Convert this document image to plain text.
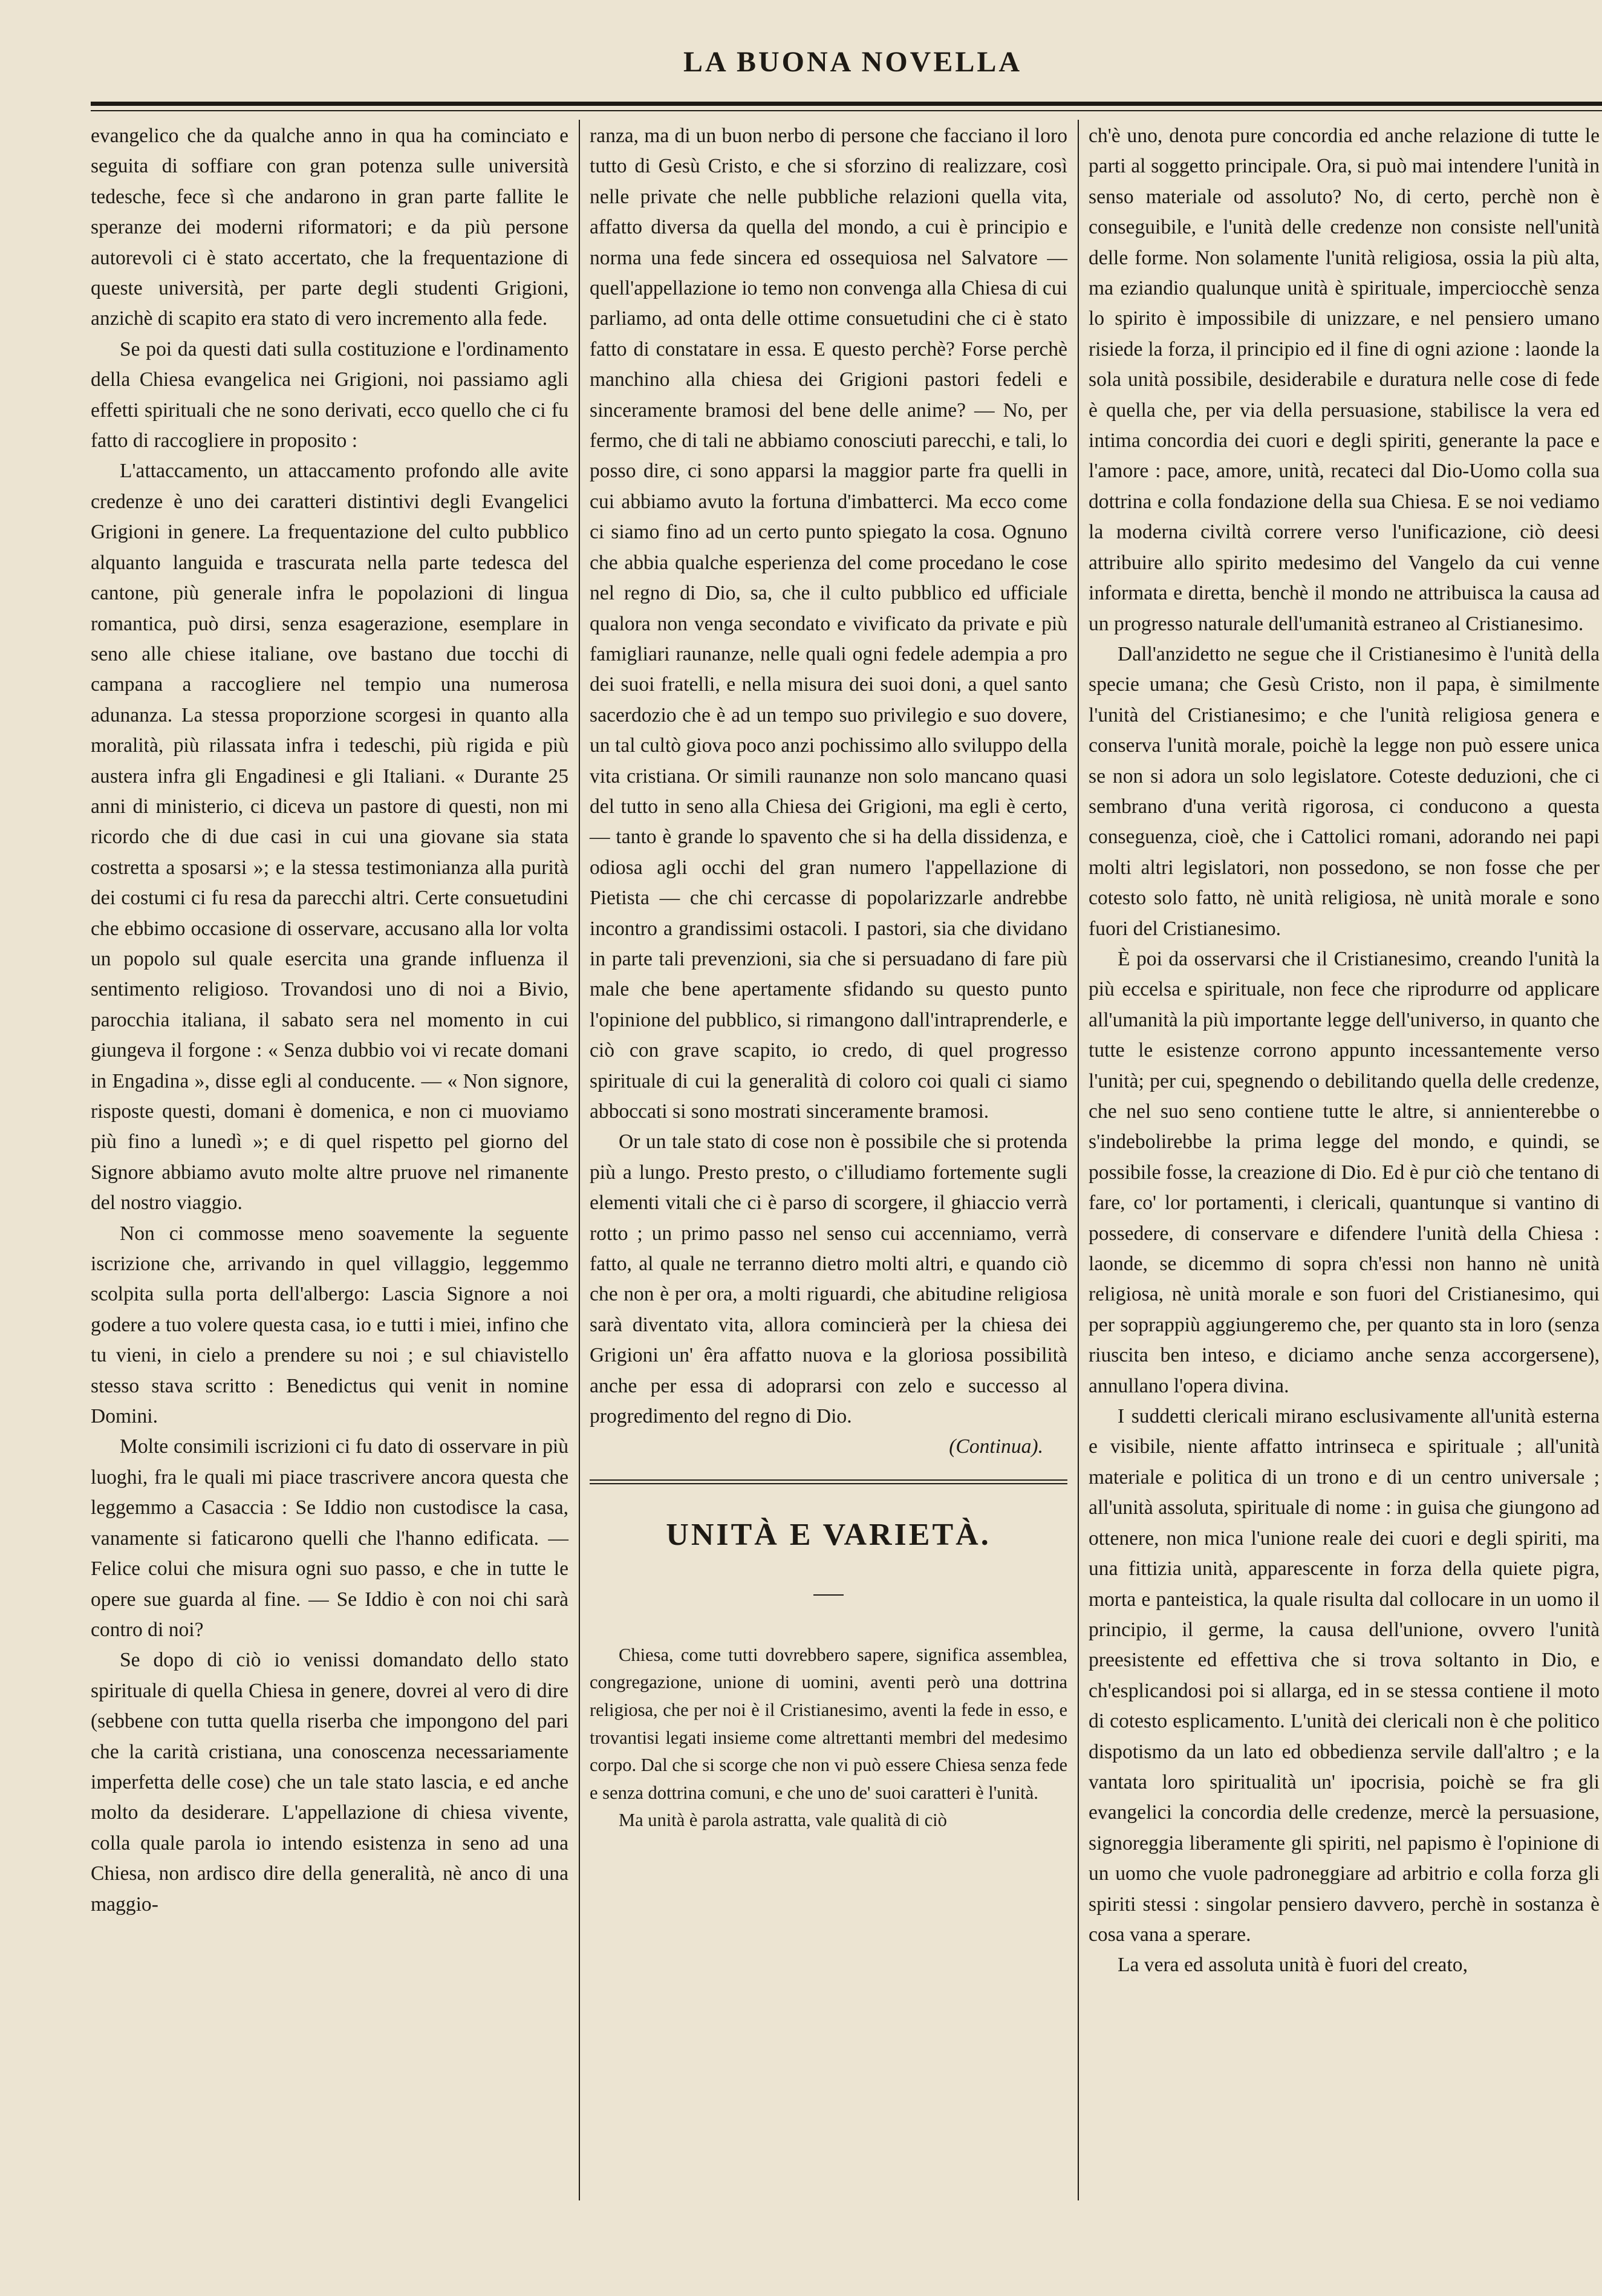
LA BUONA NOVELLA

evangelico che da qualche anno in qua ha cominciato e seguita di soffiare con gran potenza sulle università tedesche, fece sì che andarono in gran parte fallite le speranze dei moderni riformatori; e da più persone autorevoli ci è stato accertato, che la frequentazione di queste università, per parte degli studenti Grigioni, anzichè di scapito era stato di vero incremento alla fede.

Se poi da questi dati sulla costituzione e l'ordinamento della Chiesa evangelica nei Grigioni, noi passiamo agli effetti spirituali che ne sono derivati, ecco quello che ci fu fatto di raccogliere in proposito :

L'attaccamento, un attaccamento profondo alle avite credenze è uno dei caratteri distintivi degli Evangelici Grigioni in genere. La frequentazione del culto pubblico alquanto languida e trascurata nella parte tedesca del cantone, più generale infra le popolazioni di lingua romantica, può dirsi, senza esagerazione, esemplare in seno alle chiese italiane, ove bastano due tocchi di campana a raccogliere nel tempio una numerosa adunanza. La stessa proporzione scorgesi in quanto alla moralità, più rilassata infra i tedeschi, più rigida e più austera infra gli Engadinesi e gli Italiani. « Durante 25 anni di ministerio, ci diceva un pastore di questi, non mi ricordo che di due casi in cui una giovane sia stata costretta a sposarsi »; e la stessa testimonianza alla purità dei costumi ci fu resa da parecchi altri. Certe consuetudini che ebbimo occasione di osservare, accusano alla lor volta un popolo sul quale esercita una grande influenza il sentimento religioso. Trovandosi uno di noi a Bivio, parocchia italiana, il sabato sera nel momento in cui giungeva il forgone : « Senza dubbio voi vi recate domani in Engadina », disse egli al conducente. — « Non signore, risposte questi, domani è domenica, e non ci muoviamo più fino a lunedì »; e di quel rispetto pel giorno del Signore abbiamo avuto molte altre pruove nel rimanente del nostro viaggio.

Non ci commosse meno soavemente la seguente iscrizione che, arrivando in quel villaggio, leggemmo scolpita sulla porta dell'albergo: Lascia Signore a noi godere a tuo volere questa casa, io e tutti i miei, infino che tu vieni, in cielo a prendere su noi ; e sul chiavistello stesso stava scritto : Benedictus qui venit in nomine Domini.

Molte consimili iscrizioni ci fu dato di osservare in più luoghi, fra le quali mi piace trascrivere ancora questa che leggemmo a Casaccia : Se Iddio non custodisce la casa, vanamente si faticarono quelli che l'hanno edificata. — Felice colui che misura ogni suo passo, e che in tutte le opere sue guarda al fine. — Se Iddio è con noi chi sarà contro di noi?

Se dopo di ciò io venissi domandato dello stato spirituale di quella Chiesa in genere, dovrei al vero di dire (sebbene con tutta quella riserba che impongono del pari che la carità cristiana, una conoscenza necessariamente imperfetta delle cose) che un tale stato lascia, e ed anche molto da desiderare. L'appellazione di chiesa vivente, colla quale parola io intendo esistenza in seno ad una Chiesa, non ardisco dire della generalità, nè anco di una maggio-

ranza, ma di un buon nerbo di persone che facciano il loro tutto di Gesù Cristo, e che si sforzino di realizzare, così nelle private che nelle pubbliche relazioni quella vita, affatto diversa da quella del mondo, a cui è principio e norma una fede sincera ed ossequiosa nel Salvatore — quell'appellazione io temo non convenga alla Chiesa di cui parliamo, ad onta delle ottime consuetudini che ci è stato fatto di constatare in essa. E questo perchè? Forse perchè manchino alla chiesa dei Grigioni pastori fedeli e sinceramente bramosi del bene delle anime? — No, per fermo, che di tali ne abbiamo conosciuti parecchi, e tali, lo posso dire, ci sono apparsi la maggior parte fra quelli in cui abbiamo avuto la fortuna d'imbatterci. Ma ecco come ci siamo fino ad un certo punto spiegato la cosa. Ognuno che abbia qualche esperienza del come procedano le cose nel regno di Dio, sa, che il culto pubblico ed ufficiale qualora non venga secondato e vivificato da private e più famigliari raunanze, nelle quali ogni fedele adempia a pro dei suoi fratelli, e nella misura dei suoi doni, a quel santo sacerdozio che è ad un tempo suo privilegio e suo dovere, un tal cultò giova poco anzi pochissimo allo sviluppo della vita cristiana. Or simili raunanze non solo mancano quasi del tutto in seno alla Chiesa dei Grigioni, ma egli è certo, — tanto è grande lo spavento che si ha della dissidenza, e odiosa agli occhi del gran numero l'appellazione di Pietista — che chi cercasse di popolarizzarle andrebbe incontro a grandissimi ostacoli. I pastori, sia che dividano in parte tali prevenzioni, sia che si persuadano di fare più male che bene apertamente sfidando su questo punto l'opinione del pubblico, si rimangono dall'intraprenderle, e ciò con grave scapito, io credo, di quel progresso spirituale di cui la generalità di coloro coi quali ci siamo abboccati si sono mostrati sinceramente bramosi.

Or un tale stato di cose non è possibile che si protenda più a lungo. Presto presto, o c'illudiamo fortemente sugli elementi vitali che ci è parso di scorgere, il ghiaccio verrà rotto ; un primo passo nel senso cui accenniamo, verrà fatto, al quale ne terranno dietro molti altri, e quando ciò che non è per ora, a molti riguardi, che abitudine religiosa sarà diventato vita, allora comincierà per la chiesa dei Grigioni un' êra affatto nuova e la gloriosa possibilità anche per essa di adoprarsi con zelo e successo al progredimento del regno di Dio.

(Continua).

UNITÀ E VARIETÀ.

Chiesa, come tutti dovrebbero sapere, significa assemblea, congregazione, unione di uomini, aventi però una dottrina religiosa, che per noi è il Cristianesimo, aventi la fede in esso, e trovantisi legati insieme come altrettanti membri del medesimo corpo. Dal che si scorge che non vi può essere Chiesa senza fede e senza dottrina comuni, e che uno de' suoi caratteri è l'unità.

Ma unità è parola astratta, vale qualità di ciò

ch'è uno, denota pure concordia ed anche relazione di tutte le parti al soggetto principale. Ora, si può mai intendere l'unità in senso materiale od assoluto? No, di certo, perchè non è conseguibile, e l'unità delle credenze non consiste nell'unità delle forme. Non solamente l'unità religiosa, ossia la più alta, ma eziandio qualunque unità è spirituale, imperciocchè senza lo spirito è impossibile di unizzare, e nel pensiero umano risiede la forza, il principio ed il fine di ogni azione : laonde la sola unità possibile, desiderabile e duratura nelle cose di fede è quella che, per via della persuasione, stabilisce la vera ed intima concordia dei cuori e degli spiriti, generante la pace e l'amore : pace, amore, unità, recateci dal Dio-Uomo colla sua dottrina e colla fondazione della sua Chiesa. E se noi vediamo la moderna civiltà correre verso l'unificazione, ciò deesi attribuire allo spirito medesimo del Vangelo da cui venne informata e diretta, benchè il mondo ne attribuisca la causa ad un progresso naturale dell'umanità estraneo al Cristianesimo.

Dall'anzidetto ne segue che il Cristianesimo è l'unità della specie umana; che Gesù Cristo, non il papa, è similmente l'unità del Cristianesimo; e che l'unità religiosa genera e conserva l'unità morale, poichè la legge non può essere unica se non si adora un solo legislatore. Coteste deduzioni, che ci sembrano d'una verità rigorosa, ci conducono a questa conseguenza, cioè, che i Cattolici romani, adorando nei papi molti altri legislatori, non possedono, se non fosse che per cotesto solo fatto, nè unità religiosa, nè unità morale e sono fuori del Cristianesimo.

È poi da osservarsi che il Cristianesimo, creando l'unità la più eccelsa e spirituale, non fece che riprodurre od applicare all'umanità la più importante legge dell'universo, in quanto che tutte le esistenze corrono appunto incessantemente verso l'unità; per cui, spegnendo o debilitando quella delle credenze, che nel suo seno contiene tutte le altre, si annienterebbe o s'indebolirebbe la prima legge del mondo, e quindi, se possibile fosse, la creazione di Dio. Ed è pur ciò che tentano di fare, co' lor portamenti, i clericali, quantunque si vantino di possedere, di conservare e difendere l'unità della Chiesa : laonde, se dicemmo di sopra ch'essi non hanno nè unità religiosa, nè unità morale e son fuori del Cristianesimo, qui per soprappiù aggiungeremo che, per quanto sta in loro (senza riuscita ben inteso, e diciamo anche senza accorgersene), annullano l'opera divina.

I suddetti clericali mirano esclusivamente all'unità esterna e visibile, niente affatto intrinseca e spirituale ; all'unità materiale e politica di un trono e di un centro universale ; all'unità assoluta, spirituale di nome : in guisa che giungono ad ottenere, non mica l'unione reale dei cuori e degli spiriti, ma una fittizia unità, apparescente in forza della quiete pigra, morta e panteistica, la quale risulta dal collocare in un uomo il principio, il germe, la causa dell'unione, ovvero l'unità preesistente ed effettiva che si trova soltanto in Dio, e ch'esplicandosi poi si allarga, ed in se stessa contiene il moto di cotesto esplicamento. L'unità dei clericali non è che politico dispotismo da un lato ed obbedienza servile dall'altro ; e la vantata loro spiritualità un' ipocrisia, poichè se fra gli evangelici la concordia delle credenze, mercè la persuasione, signoreggia liberamente gli spiriti, nel papismo è l'opinione di un uomo che vuole padroneggiare ad arbitrio e colla forza gli spiriti stessi : singolar pensiero davvero, perchè in sostanza è cosa vana a sperare.

La vera ed assoluta unità è fuori del creato,
